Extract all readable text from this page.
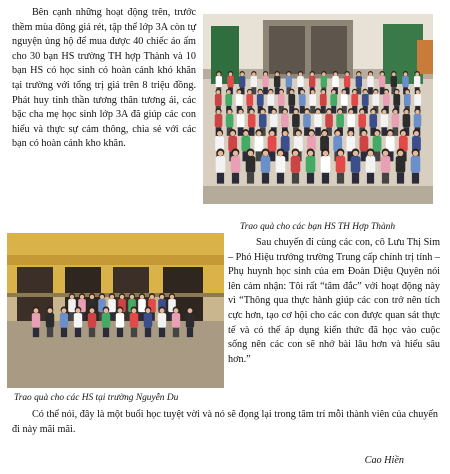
Bên cạnh những hoạt động trên, trước thềm mùa đông giá rét, tập thể lớp 3A còn tự nguyện ủng hộ để mua được 40 chiếc áo ấm cho 30 bạn HS trường TH hợp Thành và 10 bạn HS có học sinh có hoàn cảnh khó khăn tại trường với tổng trị giá trên 8 triệu đồng. Phát huy tinh thần tương thân tương ái, các bậc cha mẹ học sinh lớp 3A đã giúp các con hiểu và thực sự cảm thông, chia sẻ với các bạn có hoàn cảnh kho khăn.

Trao quà cho các bạn HS TH Hợp Thành
Trao quà cho các HS tại trường Nguyễn Du

Sau chuyến đi cùng các con, cô Lưu Thị Sim – Phó Hiệu trưởng trường Trung cấp chính trị tỉnh – Phụ huynh học sinh của em Đoàn Diệu Quyên nói lên cảm nhận: Tôi rất “tâm đắc” với hoạt động này vì “Thông qua thực hành giúp các con trở nên tích cực hơn, tạo cơ hội cho các con được quan sát thực tế và có thể áp dụng kiến thức đã học vào cuộc sống nên các con sẽ nhớ bài lâu hơn và hiểu sâu hơn.”

Có thể nói, đây là một buổi học tuyệt vời và nó sẽ đọng lại trong tâm trí mỗi thành viên của chuyến đi này mãi mãi.

Cao Hiền
